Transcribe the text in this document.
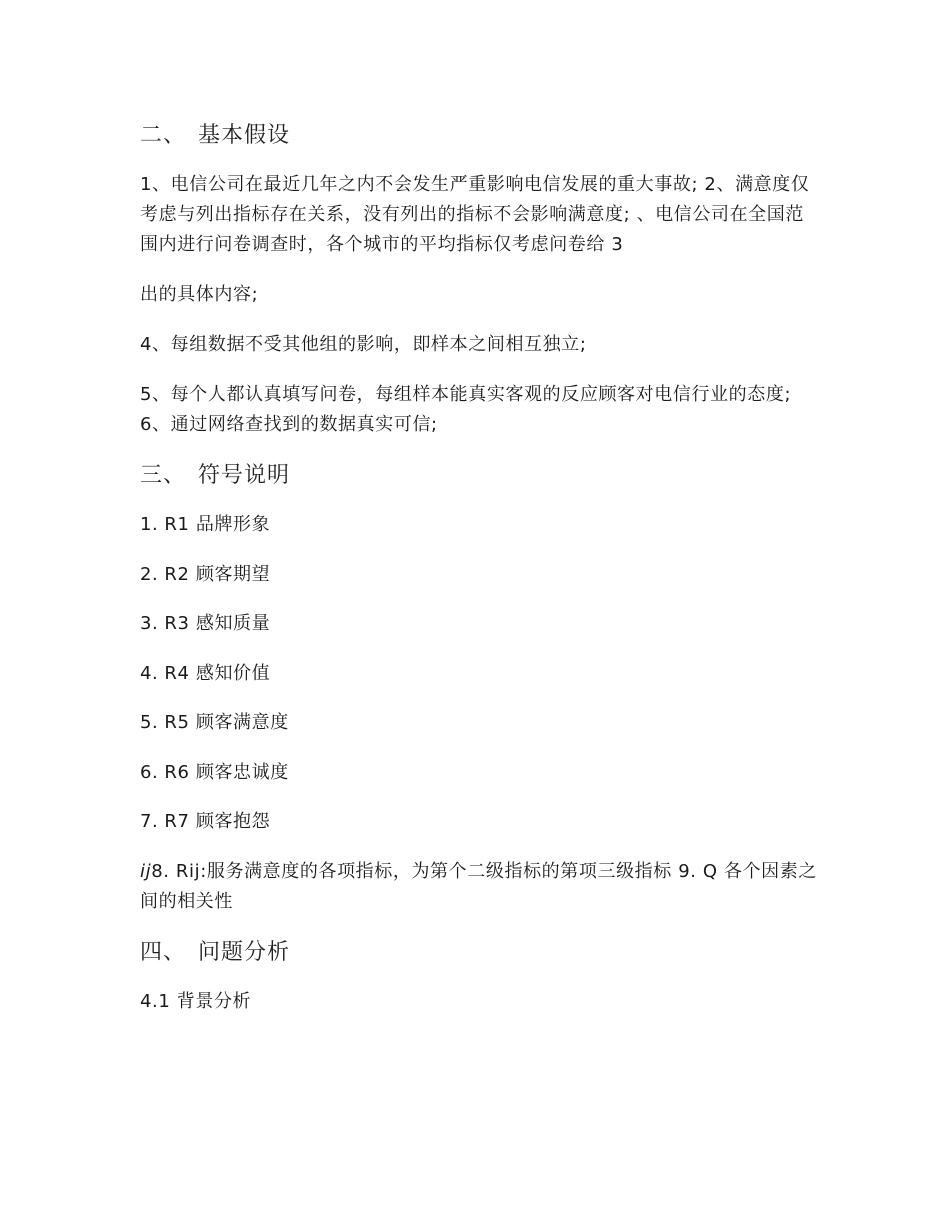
二、 基本假设
1、电信公司在最近几年之内不会发生严重影响电信发展的重大事故; 2、满意度仅考虑与列出指标存在关系，没有列出的指标不会影响满意度; 、电信公司在全国范围内进行问卷调查时，各个城市的平均指标仅考虑问卷给 3
出的具体内容;
4、每组数据不受其他组的影响，即样本之间相互独立;
5、每个人都认真填写问卷，每组样本能真实客观的反应顾客对电信行业的态度; 6、通过网络查找到的数据真实可信;
三、 符号说明
1. R1 品牌形象
2. R2 顾客期望
3. R3 感知质量
4. R4 感知价值
5. R5 顾客满意度
6. R6 顾客忠诚度
7. R7 顾客抱怨
ij8. Rij:服务满意度的各项指标，为第个二级指标的第项三级指标 9. Q 各个因素之间的相关性
四、 问题分析
4.1 背景分析
